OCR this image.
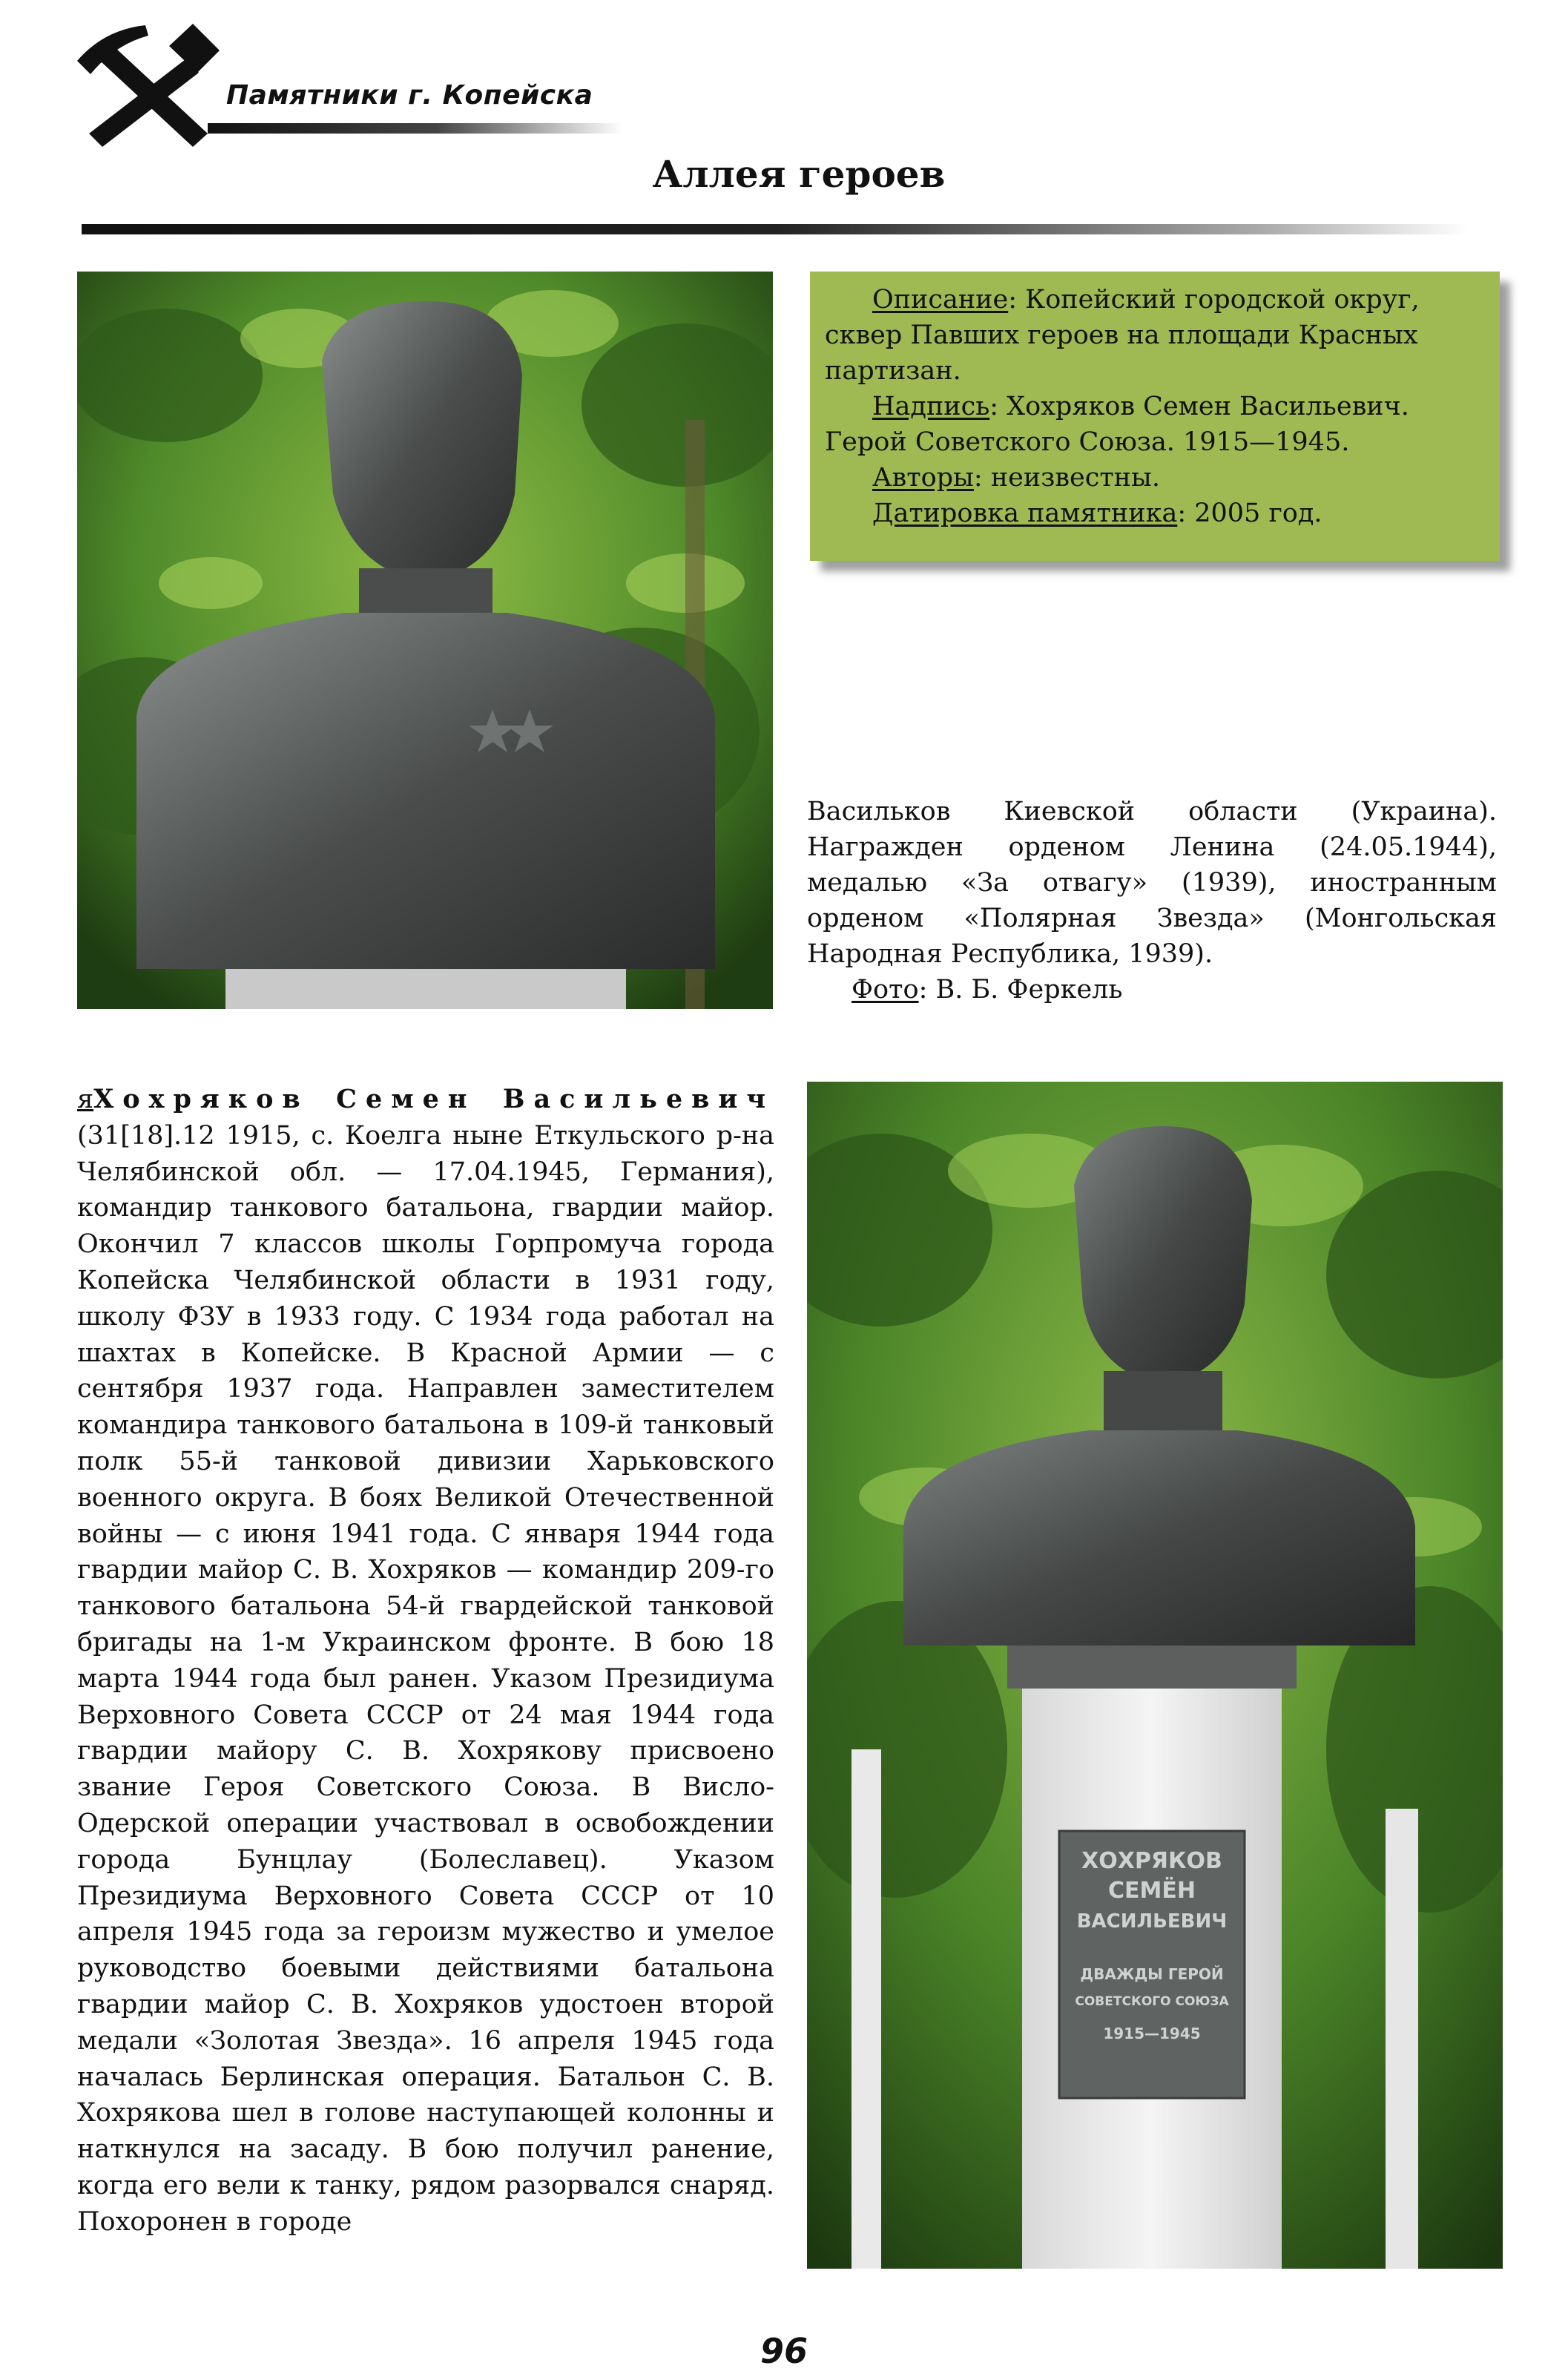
Памятники г. Копейска
Аллея героев

Описание: Копейский городской округ, сквер Павших героев на площади Красных партизан.

Надпись: Хохряков Семен Васильевич. Герой Советского Союза. 1915—1945.

Авторы: неизвестны.

Датировка памятника: 2005 год.

Васильков Киевской области (Украина). Награжден орденом Ленина (24.05.1944), медалью «За отвагу» (1939), иностранным орденом «Полярная Звезда» (Монгольская Народная Республика, 1939).

Фото: В. Б. Феркель

яХохряков Семен Васильевич (31[18].12 1915, с. Коелга ныне Еткульского р-на Челябинской обл. — 17.04.1945, Германия), командир танкового батальона, гвардии майор. Окончил 7 классов школы Горпромуча города Копейска Челябинской области в 1931 году, школу ФЗУ в 1933 году. С 1934 года работал на шахтах в Копейске. В Красной Армии — с сентября 1937 года. Направлен заместителем командира танкового батальона в 109-й танковый полк 55-й танковой дивизии Харьковского военного округа. В боях Великой Отечественной войны — с июня 1941 года. С января 1944 года гвардии майор С. В. Хохряков — командир 209-го танкового батальона 54-й гвардейской танковой бригады на 1-м Украинском фронте. В бою 18 марта 1944 года был ранен. Указом Президиума Верховного Совета СССР от 24 мая 1944 года гвардии майору С. В. Хохрякову присвоено звание Героя Советского Союза. В Висло-Одерской операции участвовал в освобождении города Бунцлау (Болеславец). Указом Президиума Верховного Совета СССР от 10 апреля 1945 года за героизм мужество и умелое руководство боевыми действиями батальона гвардии майор С. В. Хохряков удостоен второй медали «Золотая Звезда». 16 апреля 1945 года началась Берлинская операция. Батальон С. В. Хохрякова шел в голове наступающей колонны и наткнулся на засаду. В бою получил ранение, когда его вели к танку, рядом разорвался снаряд. Похоронен в городе

ХОХРЯКОВ
СЕМЁН
ВАСИЛЬЕВИЧ
ДВАЖДЫ ГЕРОЙ
СОВЕТСКОГО СОЮЗА
1915—1945
96
